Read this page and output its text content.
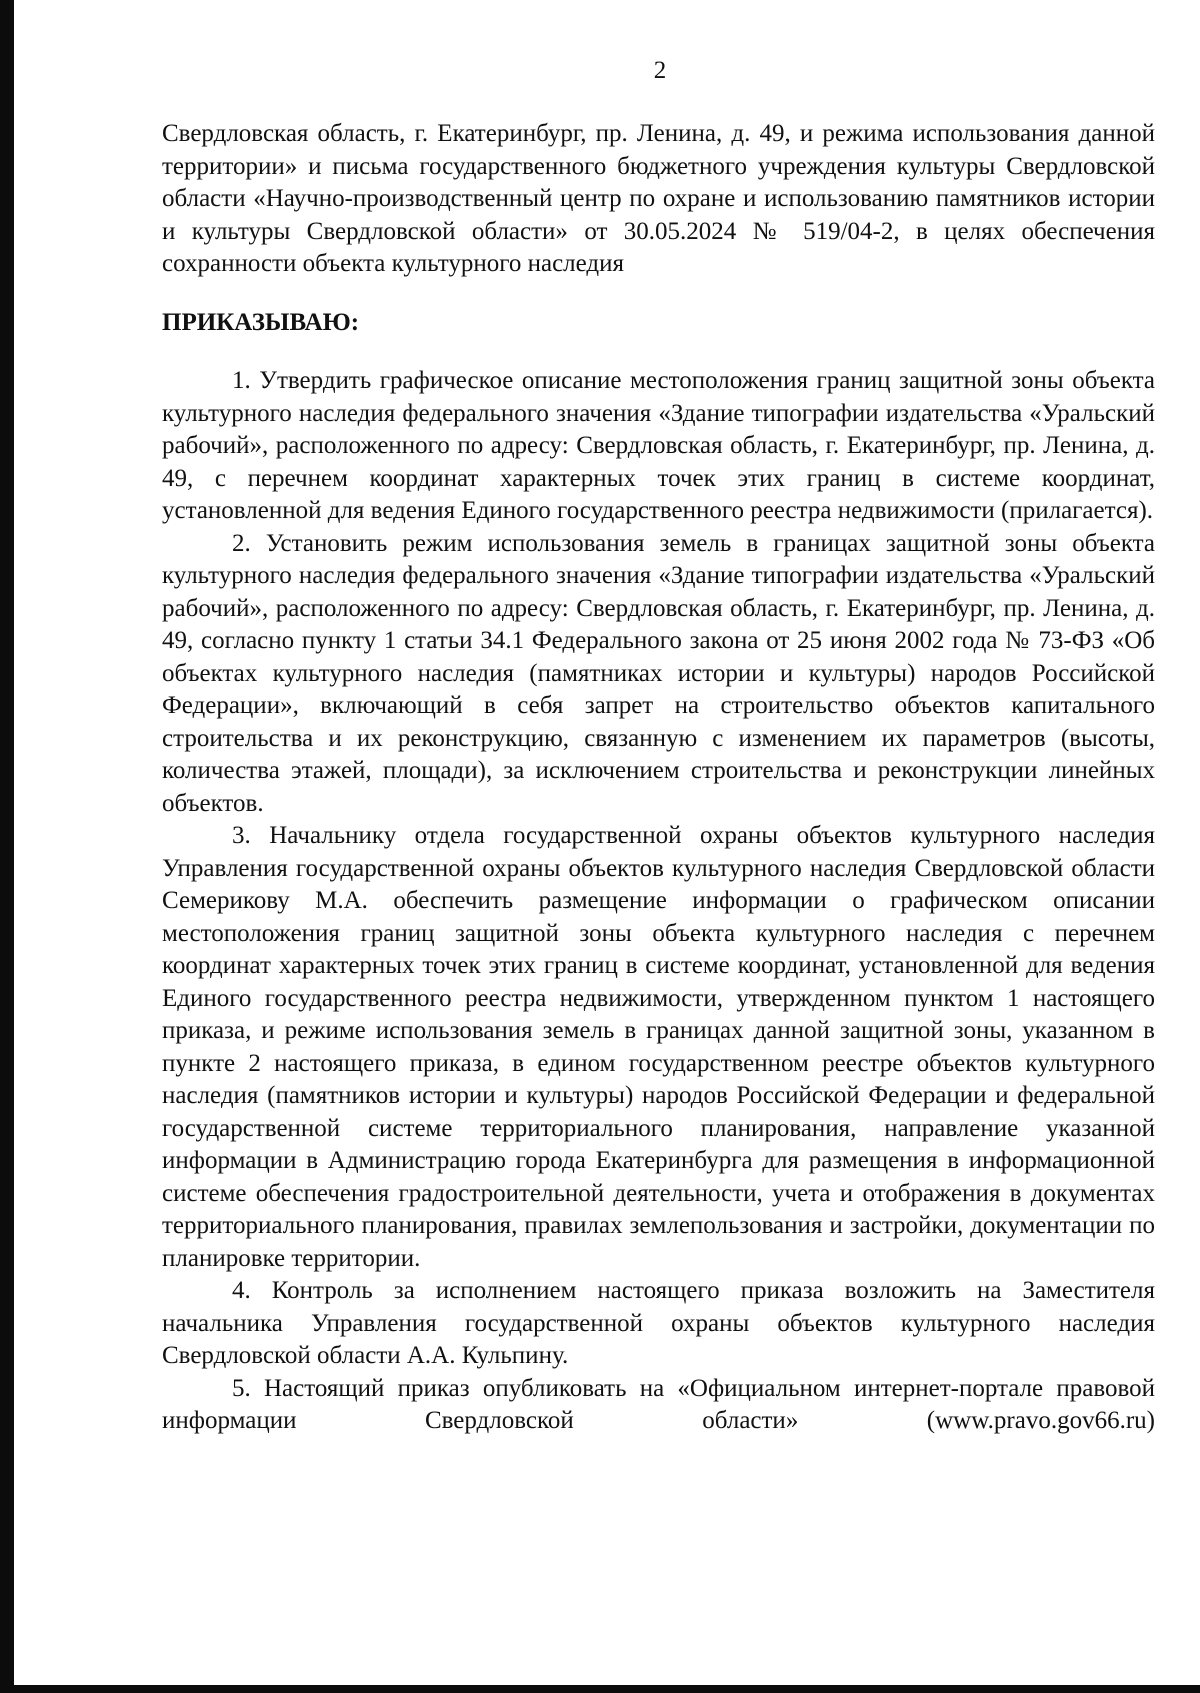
2

Свердловская область, г. Екатеринбург, пр. Ленина, д. 49, и режима использования данной территории» и письма государственного бюджетного учреждения культуры Свердловской области «Научно-производственный центр по охране и использованию памятников истории и культуры Свердловской области» от 30.05.2024 № 519/04-2, в целях обеспечения сохранности объекта культурного наследия

ПРИКАЗЫВАЮ:

1. Утвердить графическое описание местоположения границ защитной зоны объекта культурного наследия федерального значения «Здание типографии издательства «Уральский рабочий», расположенного по адресу: Свердловская область, г. Екатеринбург, пр. Ленина, д. 49, с перечнем координат характерных точек этих границ в системе координат, установленной для ведения Единого государственного реестра недвижимости (прилагается).

2. Установить режим использования земель в границах защитной зоны объекта культурного наследия федерального значения «Здание типографии издательства «Уральский рабочий», расположенного по адресу: Свердловская область, г. Екатеринбург, пр. Ленина, д. 49, согласно пункту 1 статьи 34.1 Федерального закона от 25 июня 2002 года № 73-ФЗ «Об объектах культурного наследия (памятниках истории и культуры) народов Российской Федерации», включающий в себя запрет на строительство объектов капитального строительства и их реконструкцию, связанную с изменением их параметров (высоты, количества этажей, площади), за исключением строительства и реконструкции линейных объектов.

3. Начальнику отдела государственной охраны объектов культурного наследия Управления государственной охраны объектов культурного наследия Свердловской области Семерикову М.А. обеспечить размещение информации о графическом описании местоположения границ защитной зоны объекта культурного наследия с перечнем координат характерных точек этих границ в системе координат, установленной для ведения Единого государственного реестра недвижимости, утвержденном пунктом 1 настоящего приказа, и режиме использования земель в границах данной защитной зоны, указанном в пункте 2 настоящего приказа, в едином государственном реестре объектов культурного наследия (памятников истории и культуры) народов Российской Федерации и федеральной государственной системе территориального планирования, направление указанной информации в Администрацию города Екатеринбурга для размещения в информационной системе обеспечения градостроительной деятельности, учета и отображения в документах территориального планирования, правилах землепользования и застройки, документации по планировке территории.

4. Контроль за исполнением настоящего приказа возложить на Заместителя начальника Управления государственной охраны объектов культурного наследия Свердловской области А.А. Кульпину.

5. Настоящий приказ опубликовать на «Официальном интернет-портале правовой информации Свердловской области» (www.pravo.gov66.ru)
